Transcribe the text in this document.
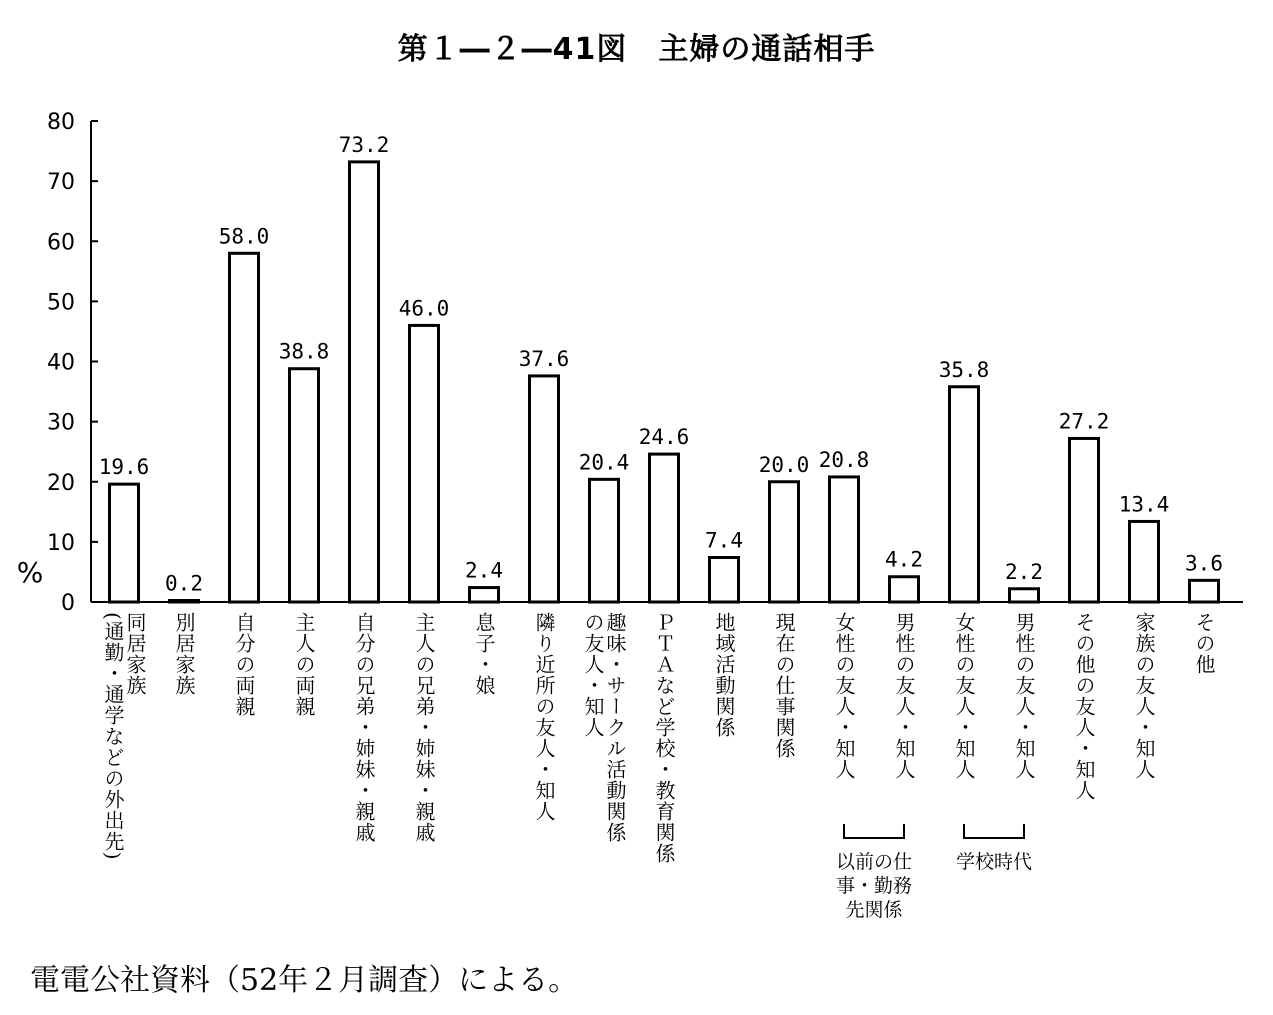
第１―２―41図　主婦の通話相手
0
10
20
30
40
50
60
70
80
%
19.6
同居家族
(通勤・通学などの外出先)
0.2
別居家族
58.0
自分の両親
38.8
主人の両親
73.2
自分の兄弟・姉妹・親戚
46.0
主人の兄弟・姉妹・親戚
2.4
息子・娘
37.6
隣り近所の友人・知人
20.4
趣味・サークル活動関係
の友人・知人
24.6
ＰＴＡなど学校・教育関係
7.4
地域活動関係
20.0
現在の仕事関係
20.8
女性の友人・知人
4.2
男性の友人・知人
35.8
女性の友人・知人
2.2
男性の友人・知人
27.2
その他の友人・知人
13.4
家族の友人・知人
3.6
その他
以前の仕
事・勤務
先関係
学校時代
電電公社資料（52年２月調査）による。
